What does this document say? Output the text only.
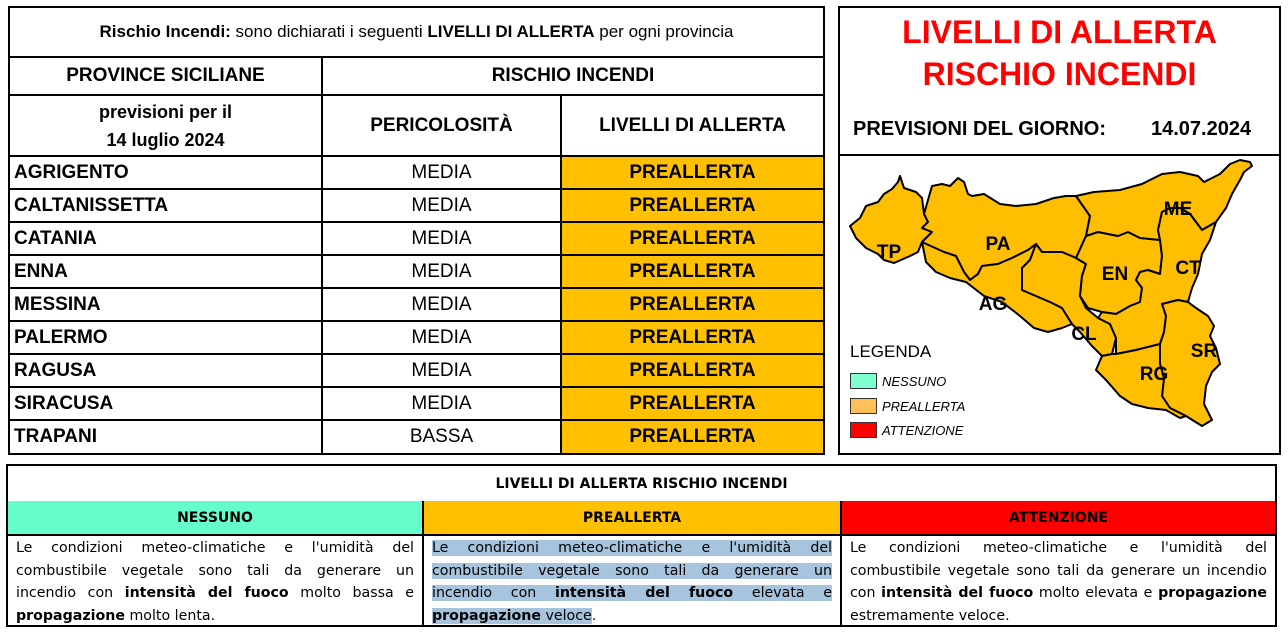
Rischio Incendi: sono dichiarati i seguenti LIVELLI DI ALLERTA per ogni provincia
PROVINCE SICILIANE	RISCHIO INCENDI
previsioni per il
14 luglio 2024
PERICOLOSITÀ	LIVELLI DI ALLERTA
AGRIGENTO	MEDIA	PREALLERTA
CALTANISSETTA	MEDIA	PREALLERTA
CATANIA	MEDIA	PREALLERTA
ENNA	MEDIA	PREALLERTA
MESSINA	MEDIA	PREALLERTA
PALERMO	MEDIA	PREALLERTA
RAGUSA	MEDIA	PREALLERTA
SIRACUSA	MEDIA	PREALLERTA
TRAPANI	BASSA	PREALLERTA
LIVELLI DI ALLERTA
RISCHIO INCENDI
PREVISIONI DEL GIORNO: 14.07.2024
TP	PA
AG
CL
EN
ME
CT
SR
RG
LEGENDA
NESSUNO
PREALLERTA
ATTENZIONE
LIVELLI DI ALLERTA RISCHIO INCENDI
NESSUNO	PREALLERTA	ATTENZIONE
Le condizioni meteo-climatiche e l'umidità del combustibile vegetale sono tali da generare un incendio con intensità del fuoco molto bassa e propagazione molto lenta.
Le condizioni meteo-climatiche e l'umidità del combustibile vegetale sono tali da generare un incendio con intensità del fuoco elevata e propagazione veloce.
Le condizioni meteo-climatiche e l'umidità del combustibile vegetale sono tali da generare un incendio con intensità del fuoco molto elevata e propagazione estremamente veloce.
